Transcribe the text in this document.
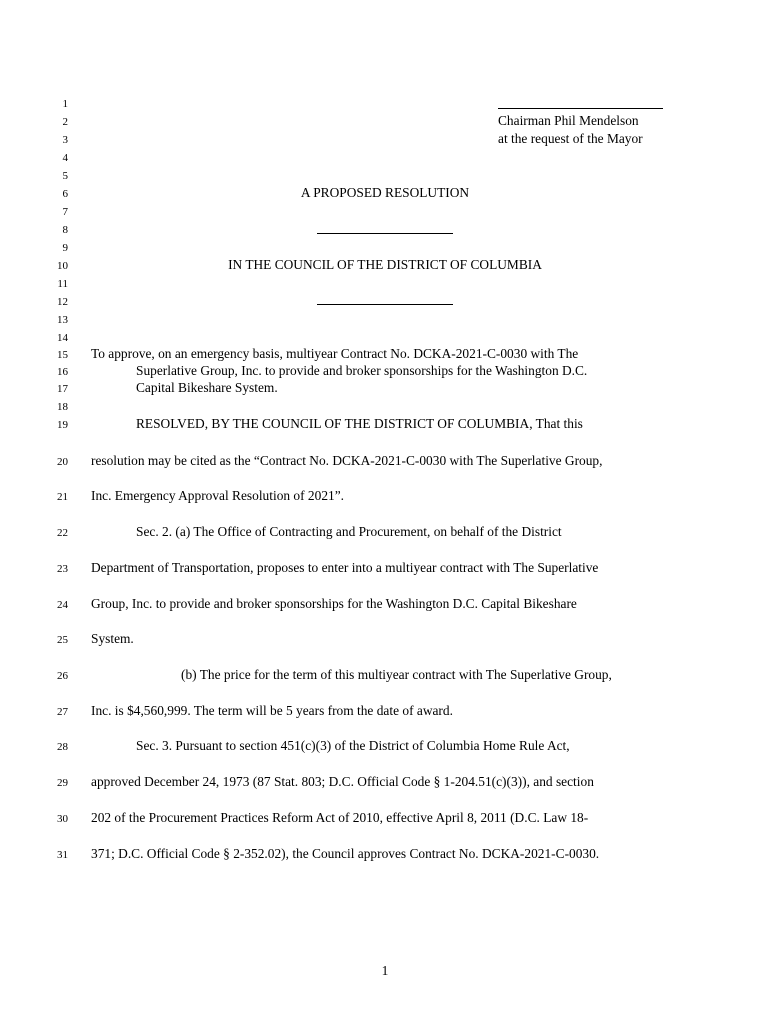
1
2
3
4
5
6
7
8
9
10
11
12
13
14
15
16
17
18
19
20
21
22
23
24
25
26
27
28
29
30
31
Chairman Phil Mendelson
at the request of the Mayor
A PROPOSED RESOLUTION
IN THE COUNCIL OF THE DISTRICT OF COLUMBIA
To approve, on an emergency basis, multiyear Contract No. DCKA-2021-C-0030 with The
Superlative Group, Inc. to provide and broker sponsorships for the Washington D.C.
Capital Bikeshare System.
RESOLVED, BY THE COUNCIL OF THE DISTRICT OF COLUMBIA, That this
resolution may be cited as the “Contract No. DCKA-2021-C-0030 with The Superlative Group,
Inc. Emergency Approval Resolution of 2021”.
Sec. 2. (a) The Office of Contracting and Procurement, on behalf of the District
Department of Transportation, proposes to enter into a multiyear contract with The Superlative
Group, Inc. to provide and broker sponsorships for the Washington D.C. Capital Bikeshare
System.
(b) The price for the term of this multiyear contract with The Superlative Group,
Inc. is $4,560,999. The term will be 5 years from the date of award.
Sec. 3. Pursuant to section 451(c)(3) of the District of Columbia Home Rule Act,
approved December 24, 1973 (87 Stat. 803; D.C. Official Code § 1-204.51(c)(3)), and section
202 of the Procurement Practices Reform Act of 2010, effective April 8, 2011 (D.C. Law 18-
371; D.C. Official Code § 2-352.02), the Council approves Contract No. DCKA-2021-C-0030.
1
